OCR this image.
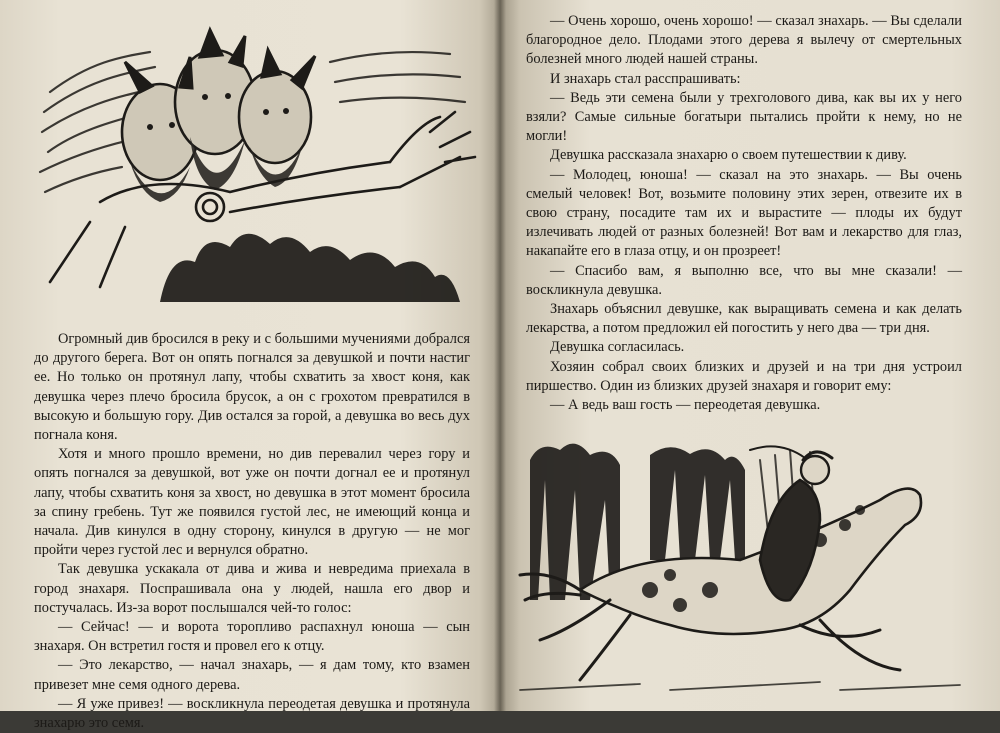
Огромный див бросился в реку и с большими мучениями добрался до другого берега. Вот он опять погнался за девушкой и почти настиг ее. Но только он протянул лапу, чтобы схватить за хвост коня, как девушка через плечо бросила брусок, а он с грохотом превратился в высокую и большую гору. Див остался за горой, а девушка во весь дух погнала коня.

Хотя и много прошло времени, но див перевалил через гору и опять погнался за девушкой, вот уже он почти догнал ее и протянул лапу, чтобы схватить коня за хвост, но девушка в этот момент бросила за спину гребень. Тут же появился густой лес, не имеющий конца и начала. Див кинулся в одну сторону, кинулся в другую — не мог пройти через густой лес и вернулся обратно.

Так девушка ускакала от дива и жива и невредима приехала в город знахаря. Поспрашивала она у людей, нашла его двор и постучалась. Из-за ворот послышался чей-то голос:

— Сейчас! — и ворота торопливо распахнул юноша — сын знахаря. Он встретил гостя и провел его к отцу.

— Это лекарство, — начал знахарь, — я дам тому, кто взамен привезет мне семя одного дерева.

— Я уже привез! — воскликнула переодетая девушка и протянула знахарю это семя.

— Очень хорошо, очень хорошо! — сказал знахарь. — Вы сделали благородное дело. Плодами этого дерева я вылечу от смертельных болезней много людей нашей страны.

И знахарь стал расспрашивать:

— Ведь эти семена были у трехголового дива, как вы их у него взяли? Самые сильные богатыри пытались пройти к нему, но не могли!

Девушка рассказала знахарю о своем путешествии к диву.

— Молодец, юноша! — сказал на это знахарь. — Вы очень смелый человек! Вот, возьмите половину этих зерен, отвезите их в свою страну, посадите там их и вырастите — плоды их будут излечивать людей от разных болезней! Вот вам и лекарство для глаз, накапайте его в глаза отцу, и он прозреет!

— Спасибо вам, я выполню все, что вы мне сказали! — воскликнула девушка.

Знахарь объяснил девушке, как выращивать семена и как делать лекарства, а потом предложил ей погостить у него два — три дня.

Девушка согласилась.

Хозяин собрал своих близких и друзей и на три дня устроил пиршество. Один из близких друзей знахаря и говорит ему:

— А ведь ваш гость — переодетая девушка.
